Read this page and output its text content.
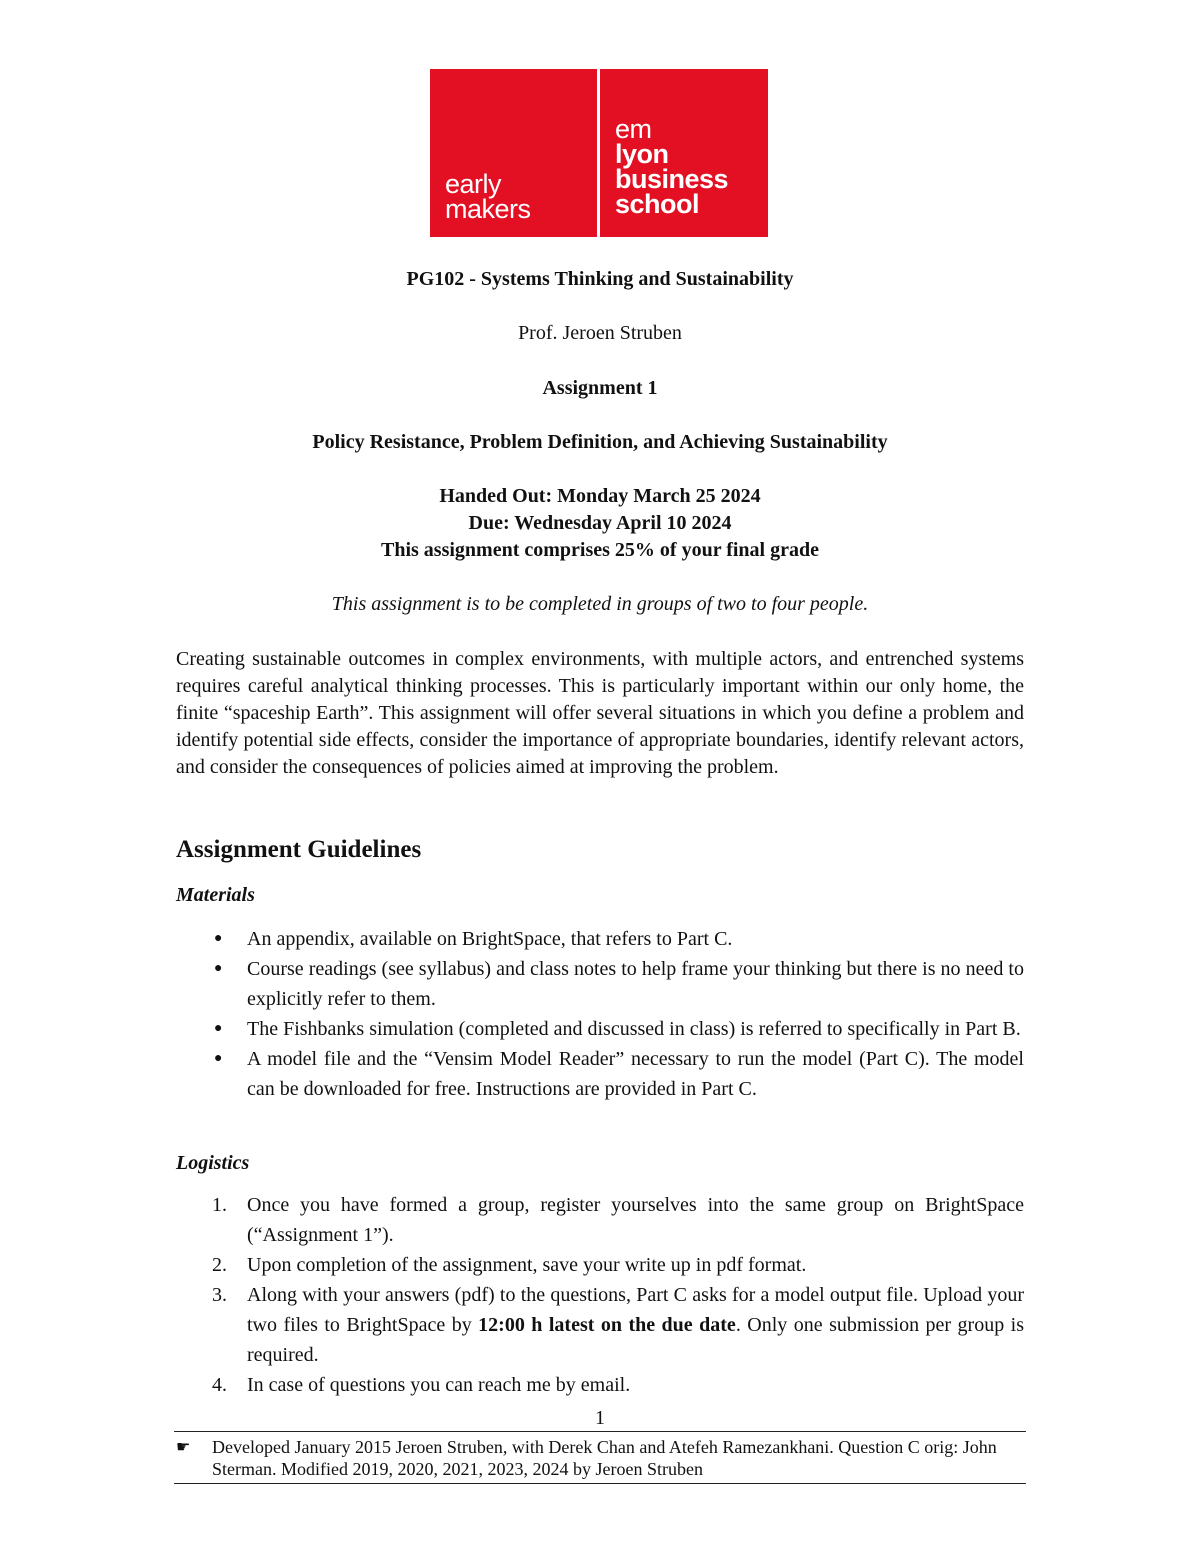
early
makers
em
lyon
business
school
PG102 - Systems Thinking and Sustainability
Prof. Jeroen Struben
Assignment 1
Policy Resistance, Problem Definition, and Achieving Sustainability
Handed Out: Monday March 25 2024
Due: Wednesday April 10 2024
This assignment comprises 25% of your final grade
This assignment is to be completed in groups of two to four people.
Creating sustainable outcomes in complex environments, with multiple actors, and entrenched systems requires careful analytical thinking processes. This is particularly important within our only home, the finite “spaceship Earth”. This assignment will offer several situations in which you define a problem and identify potential side effects, consider the importance of appropriate boundaries, identify relevant actors, and consider the consequences of policies aimed at improving the problem.
Assignment Guidelines
Materials
● An appendix, available on BrightSpace, that refers to Part C.
● Course readings (see syllabus) and class notes to help frame your thinking but there is no need to explicitly refer to them.
● The Fishbanks simulation (completed and discussed in class) is referred to specifically in Part B.
● A model file and the “Vensim Model Reader” necessary to run the model (Part C). The model can be downloaded for free. Instructions are provided in Part C.
Logistics
1. Once you have formed a group, register yourselves into the same group on BrightSpace (“Assignment 1”).
2. Upon completion of the assignment, save your write up in pdf format.
3. Along with your answers (pdf) to the questions, Part C asks for a model output file. Upload your two files to BrightSpace by 12:00 h latest on the due date. Only one submission per group is required.
4. In case of questions you can reach me by email.
1
☛	Developed January 2015 Jeroen Struben, with Derek Chan and Atefeh Ramezankhani. Question C orig: John Sterman. Modified 2019, 2020, 2021, 2023, 2024 by Jeroen Struben
